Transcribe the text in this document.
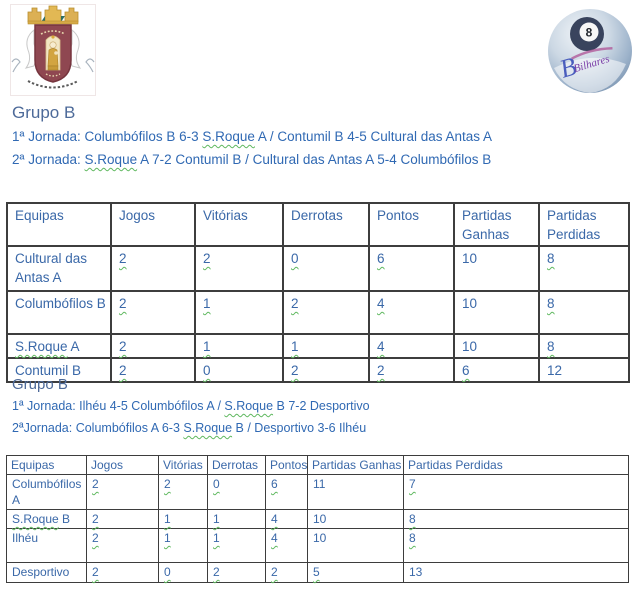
8
B
Bilhares
Grupo B
1ª Jornada: Columbófilos B 6-3 S.Roque A / Contumil B 4-5 Cultural das Antas A
2ª Jornada: S.Roque A 7-2 Contumil B / Cultural das Antas A 5-4 Columbófilos B
Equipas	Jogos	Vitórias	Derrotas	Pontos	Partidas Ganhas	Partidas Perdidas
Cultural das Antas A	2	2	0	6	10	8
Columbófilos B	2	1	2	4	10	8
S.Roque A	2	1	1	4	10	8
Contumil B	2	0	2	2	6	12
Grupo B
1ª Jornada: Ilhéu 4-5 Columbófilos A / S.Roque B 7-2 Desportivo
2ªJornada: Columbófilos A 6-3 S.Roque B / Desportivo 3-6 Ilhéu
Equipas	Jogos	Vitórias	Derrotas	Pontos	Partidas Ganhas	Partidas Perdidas
Columbófilos A	2	2	0	6	11	7
S.Roque B	2	1	1	4	10	8
Ilhéu	2	1	1	4	10	8
Desportivo	2	0	2	2	5	13
